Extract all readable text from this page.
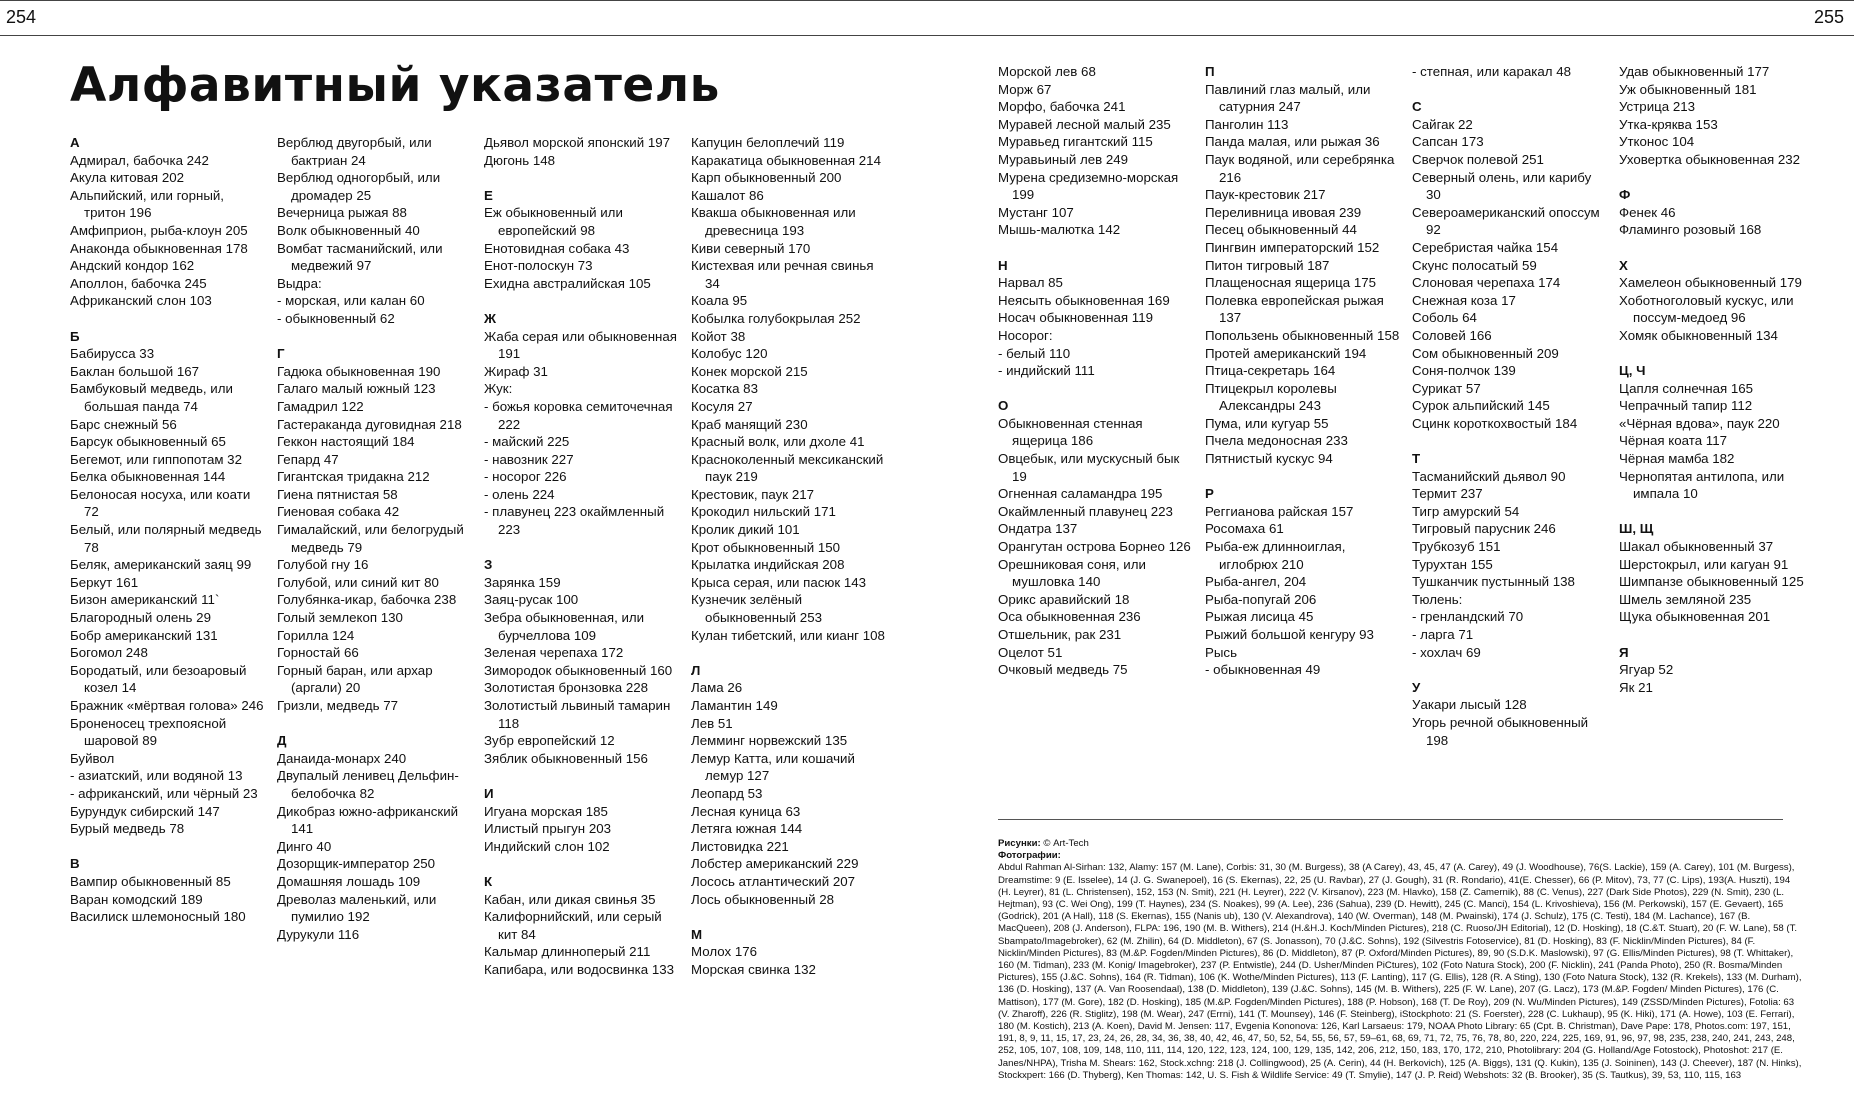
254	255
Алфавитный указатель
А
Адмирал, бабочка 242
Акула китовая 202
Альпийский, или горный, тритон 196
Амфиприон, рыба-клоун 205
Анаконда обыкновенная 178
Андский кондор 162
Аполлон, бабочка 245
Африканский слон 103
Б
Бабирусса 33
Баклан большой 167
Бамбуковый медведь, или большая панда 74
Барс снежный 56
Барсук обыкновенный 65
Бегемот, или гиппопотам 32
Белка обыкновенная 144
Белоносая носуха, или коати 72
Белый, или полярный медведь 78
Беляк, американский заяц 99
Беркут 161
Бизон американский 11`
Благородный олень 29
Бобр американский 131
Богомол 248
Бородатый, или безоаровый козел 14
Бражник «мёртвая голова» 246
Броненосец трехпоясной шаровой 89
Буйвол
- азиатский, или водяной 13
- африканский, или чёрный 23
Бурундук сибирский 147
Бурый медведь 78
В
Вампир обыкновенный 85
Варан комодский 189
Василиск шлемоносный 180
Верблюд двугорбый, или бактриан 24
Верблюд одногорбый, или дромадер 25
Вечерница рыжая 88
Волк обыкновенный 40
Вомбат тасманийский, или медвежий 97
Выдра:
- морская, или калан 60
- обыкновенный 62
Г
Гадюка обыкновенная 190
Галаго малый южный 123
Гамадрил 122
Гастеракандa дуговидная 218
Геккон настоящий 184
Гепард 47
Гигантская тридакна 212
Гиена пятнистая 58
Гиеновая собака 42
Гималайский, или белогрудый медведь 79
Голубой гну 16
Голубой, или синий кит 80
Голубянка-икар, бабочка 238
Голый землекоп 130
Горилла 124
Горностай 66
Горный баран, или архар (аргали) 20
Гризли, медведь 77
Д
Данаида-монарх 240
Двупалый ленивец Дельфин-белобочка 82
Дикобраз южно-африканский 141
Динго 40
Дозорщик-император 250
Домашняя лошадь 109
Древолаз маленький, или пумилио 192
Дурукули 116
Дьявол морской японский 197
Дюгонь 148
Е
Еж обыкновенный или европейский 98
Енотовидная собака 43
Енот-полоскун 73
Ехидна австралийская 105
Ж
Жаба серая или обыкновенная 191
Жираф 31
Жук:
- божья коровка семиточечная 222
- майский 225
- навозник 227
- носорог 226
- олень 224
- плавунец 223 окаймленный 223
З
Зарянка 159
Заяц-русак 100
Зебра обыкновенная, или бурчеллова 109
Зеленая черепаха 172
Зимородок обыкновенный 160
Золотистая бронзовка 228
Золотистый львиный тамарин 118
Зубр европейский 12
Зяблик обыкновенный 156
И
Игуана морская 185
Илистый прыгун 203
Индийский слон 102
К
Кабан, или дикая свинья 35
Калифорнийский, или серый кит 84
Кальмар длинноперый 211
Капибара, или водосвинка 133
Капуцин белоплечий 119
Каракатица обыкновенная 214
Карп обыкновенный 200
Кашалот 86
Квакша обыкновенная или древесница 193
Киви северный 170
Кистехвая или речная свинья 34
Коала 95
Кобылка голубокрылая 252
Койот 38
Колобус 120
Конек морской 215
Косатка 83
Косуля 27
Краб манящий 230
Красный волк, или дхоле 41
Красноколенный мексиканский паук 219
Крестовик, паук 217
Крокодил нильский 171
Кролик дикий 101
Крот обыкновенный 150
Крылатка индийская 208
Крыса серая, или пасюк 143
Кузнечик зелёный обыкновенный 253
Кулан тибетский, или кианг 108
Л
Лама 26
Ламантин 149
Лев 51
Лемминг норвежский 135
Лемур Катта, или кошачий лемур 127
Леопард 53
Лесная куница 63
Летяга южная 144
Листовидка 221
Лобстер американский 229
Лосось атлантический 207
Лось обыкновенный 28
М
Молох 176
Морская свинка 132
Морской лев 68
Морж 67
Морфо, бабочка 241
Муравей лесной малый 235
Муравьед гигантский 115
Муравьиный лев 249
Мурена средиземно-морская 199
Мустанг 107
Мышь-малютка 142
Н
Нарвал 85
Неясыть обыкновенная 169
Носач обыкновенная 119
Носорог:
- белый 110
- индийский 111
О
Обыкновенная стенная ящерица 186
Овцебык, или мускусный бык 19
Огненная саламандра 195
Окаймленный плавунец 223
Ондатра 137
Орангутан острова Борнео 126
Орешниковая соня, или мушловка 140
Орикс аравийский 18
Оса обыкновенная 236
Отшельник, рак 231
Оцелот 51
Очковый медведь 75
П
Павлиний глаз малый, или сатурния 247
Панголин 113
Панда малая, или рыжая 36
Паук водяной, или серебрянка 216
Паук-крестовик 217
Переливница ивовая 239
Песец обыкновенный 44
Пингвин императорский 152
Питон тигровый 187
Плащеносная ящерица 175
Полевка европейская рыжая 137
Попользень обыкновенный 158
Протей американский 194
Птица-секретарь 164
Птицекрыл королевы Александры 243
Пума, или кугуар 55
Пчела медоносная 233
Пятнистый кускус 94
Р
Реггианова райская 157
Росомаха 61
Рыба-еж длинноиглая, иглобрюх 210
Рыба-ангел, 204
Рыба-попугай 206
Рыжая лисица 45
Рыжий большой кенгуру 93
Рысь
- обыкновенная 49
- степная, или каракал 48
С
Сайгак 22
Сапсан 173
Сверчок полевой 251
Северный олень, или карибу 30
Североамериканский опоссум 92
Серебристая чайка 154
Скунс полосатый 59
Слоновая черепаха 174
Снежная коза 17
Соболь 64
Соловей 166
Сом обыкновенный 209
Соня-полчок 139
Сурикат 57
Сурок альпийский 145
Сцинк короткохвостый 184
Т
Тасманийский дьявол 90
Термит 237
Тигр амурский 54
Тигровый парусник 246
Трубкозуб 151
Турухтан 155
Тушканчик пустынный 138
Тюлень:
- гренландский 70
- ларга 71
- хохлач 69
У
Уакари лысый 128
Угорь речной обыкновенный 198
Удав обыкновенный 177
Уж обыкновенный 181
Устрица 213
Утка-кряква 153
Утконос 104
Уховертка обыкновенная 232
Ф
Фенек 46
Фламинго розовый 168
Х
Хамелеон обыкновенный 179
Хоботноголовый кускус, или поссум-медоед 96
Хомяк обыкновенный 134
Ц, Ч
Цапля солнечная 165
Чепрачный тапир 112
«Чёрная вдова», паук 220
Чёрная коата 117
Чёрная мамба 182
Чернопятая антилопа, или импала 10
Ш, Щ
Шакал обыкновенный 37
Шерстокрыл, или кагуан 91
Шимпанзе обыкновенный 125
Шмель земляной 235
Щука обыкновенная 201
Я
Ягуар 52
Як 21

Рисунки: © Art-Tech

Фотографии:

Abdul Rahman Al-Sirhan: 132, Alamy: 157 (M. Lane), Corbis: 31, 30 (M. Burgess), 38 (A Carey), 43, 45, 47 (A. Carey), 49 (J. Woodhouse), 76(S. Lackie), 159 (A. Carey), 101 (M. Burgess), Dreamstime: 9 (E. Isselee), 14 (J. G. Swanepoel), 16 (S. Ekernas), 22, 25 (U. Ravbar), 27 (J. Gough), 31 (R. Rondario), 41(E. Chesser), 66 (P. Mitov), 73, 77 (C. Lips), 193(A. Huszti), 194 (H. Leyrer), 81 (L. Christensen), 152, 153 (N. Smit), 221 (H. Leyrer), 222 (V. Kirsanov), 223 (M. Hlavko), 158 (Z. Camernik), 88 (C. Venus), 227 (Dark Side Photos), 229 (N. Smit), 230 (L. Hejtman), 93 (C. Wei Ong), 199 (T. Haynes), 234 (S. Noakes), 99 (A. Lee), 236 (Sahua), 239 (D. Hewitt), 245 (C. Manci), 154 (L. Krivoshieva), 156 (M. Perkowski), 157 (E. Gevaert), 165 (Godrick), 201 (A Hall), 118 (S. Ekernas), 155 (Nanis ub), 130 (V. Alexandrova), 140 (W. Overman), 148 (M. Pwainski), 174 (J. Schulz), 175 (C. Testi), 184 (M. Lachance), 167 (B. MacQueen), 208 (J. Anderson), FLPA: 196, 190 (M. B. Withers), 214 (H.&H.J. Koch/Minden Pictures), 218 (C. Ruoso/JH Editorial), 12 (D. Hosking), 18 (C.&T. Stuart), 20 (F. W. Lane), 58 (T. Sbampato/Imagebroker), 62 (M. Zhilin), 64 (D. Middleton), 67 (S. Jonasson), 70 (J.&C. Sohns), 192 (Silvestris Fotoservice), 81 (D. Hosking), 83 (F. Nicklin/Minden Pictures), 84 (F. Nicklin/Minden Pictures), 83 (M.&P. Fogden/Minden Pictures), 86 (D. Middleton), 87 (P. Oxford/Minden Pictures), 89, 90 (S.D.K. Maslowski), 97 (G. Ellis/Minden Pictures), 98 (T. Whittaker), 160 (M. Tidman), 233 (M. Konig/ Imagebroker), 237 (P. Entwistle), 244 (D. Usher/Minden PiCtures), 102 (Foto Natura Stock), 200 (F. Nicklin), 241 (Panda Photo), 250 (R. Bosma/Minden Pictures), 155 (J.&C. Sohns), 164 (R. Tidman), 106 (K. Wothe/Minden Pictures), 113 (F. Lanting), 117 (G. Ellis), 128 (R. A Sting), 130 (Foto Natura Stock), 132 (R. Krekels), 133 (M. Durham), 136 (D. Hosking), 137 (A. Van Roosendaal), 138 (D. Middleton), 139 (J.&C. Sohns), 145 (M. B. Withers), 225 (F. W. Lane), 207 (G. Lacz), 173 (M.&P. Fogden/ Minden Pictures), 176 (C. Mattison), 177 (M. Gore), 182 (D. Hosking), 185 (M.&P. Fogden/Minden Pictures), 188 (P. Hobson), 168 (T. De Roy), 209 (N. Wu/Minden Pictures), 149 (ZSSD/Minden Pictures), Fotolia: 63 (V. Zharoff), 226 (R. Stiglitz), 198 (M. Wear), 247 (Errni), 141 (T. Mounsey), 146 (F. Steinberg), iStockphoto: 21 (S. Foerster), 228 (C. Lukhaup), 95 (K. Hiki), 171 (A. Howe), 103 (E. Ferrari), 180 (M. Kostich), 213 (A. Koen), David M. Jensen: 117, Evgenia Kononova: 126, Karl Larsaeus: 179, NOAA Photo Library: 65 (Cpt. B. Christman), Dave Pape: 178, Photos.com: 197, 151, 191, 8, 9, 11, 15, 17, 23, 24, 26, 28, 34, 36, 38, 40, 42, 46, 47, 50, 52, 54, 55, 56, 57, 59–61, 68, 69, 71, 72, 75, 76, 78, 80, 220, 224, 225, 169, 91, 96, 97, 98, 235, 238, 240, 241, 243, 248, 252, 105, 107, 108, 109, 148, 110, 111, 114, 120, 122, 123, 124, 100, 129, 135, 142, 206, 212, 150, 183, 170, 172, 210, Photolibrary: 204 (G. Holland/Age Fotostock), Photoshot: 217 (E. Janes/NHPA), Trisha M. Shears: 162, Stock.xchng: 218 (J. Collingwood), 25 (A. Cerin), 44 (H. Berkovich), 125 (A. Biggs), 131 (Q. Kukin), 135 (J. Soininen), 143 (J. Cheever), 187 (N. Hinks), Stockxpert: 166 (D. Thyberg), Ken Thomas: 142, U. S. Fish & Wildlife Service: 49 (T. Smylie), 147 (J. P. Reid) Webshots: 32 (B. Brooker), 35 (S. Tautkus), 39, 53, 110, 115, 163
